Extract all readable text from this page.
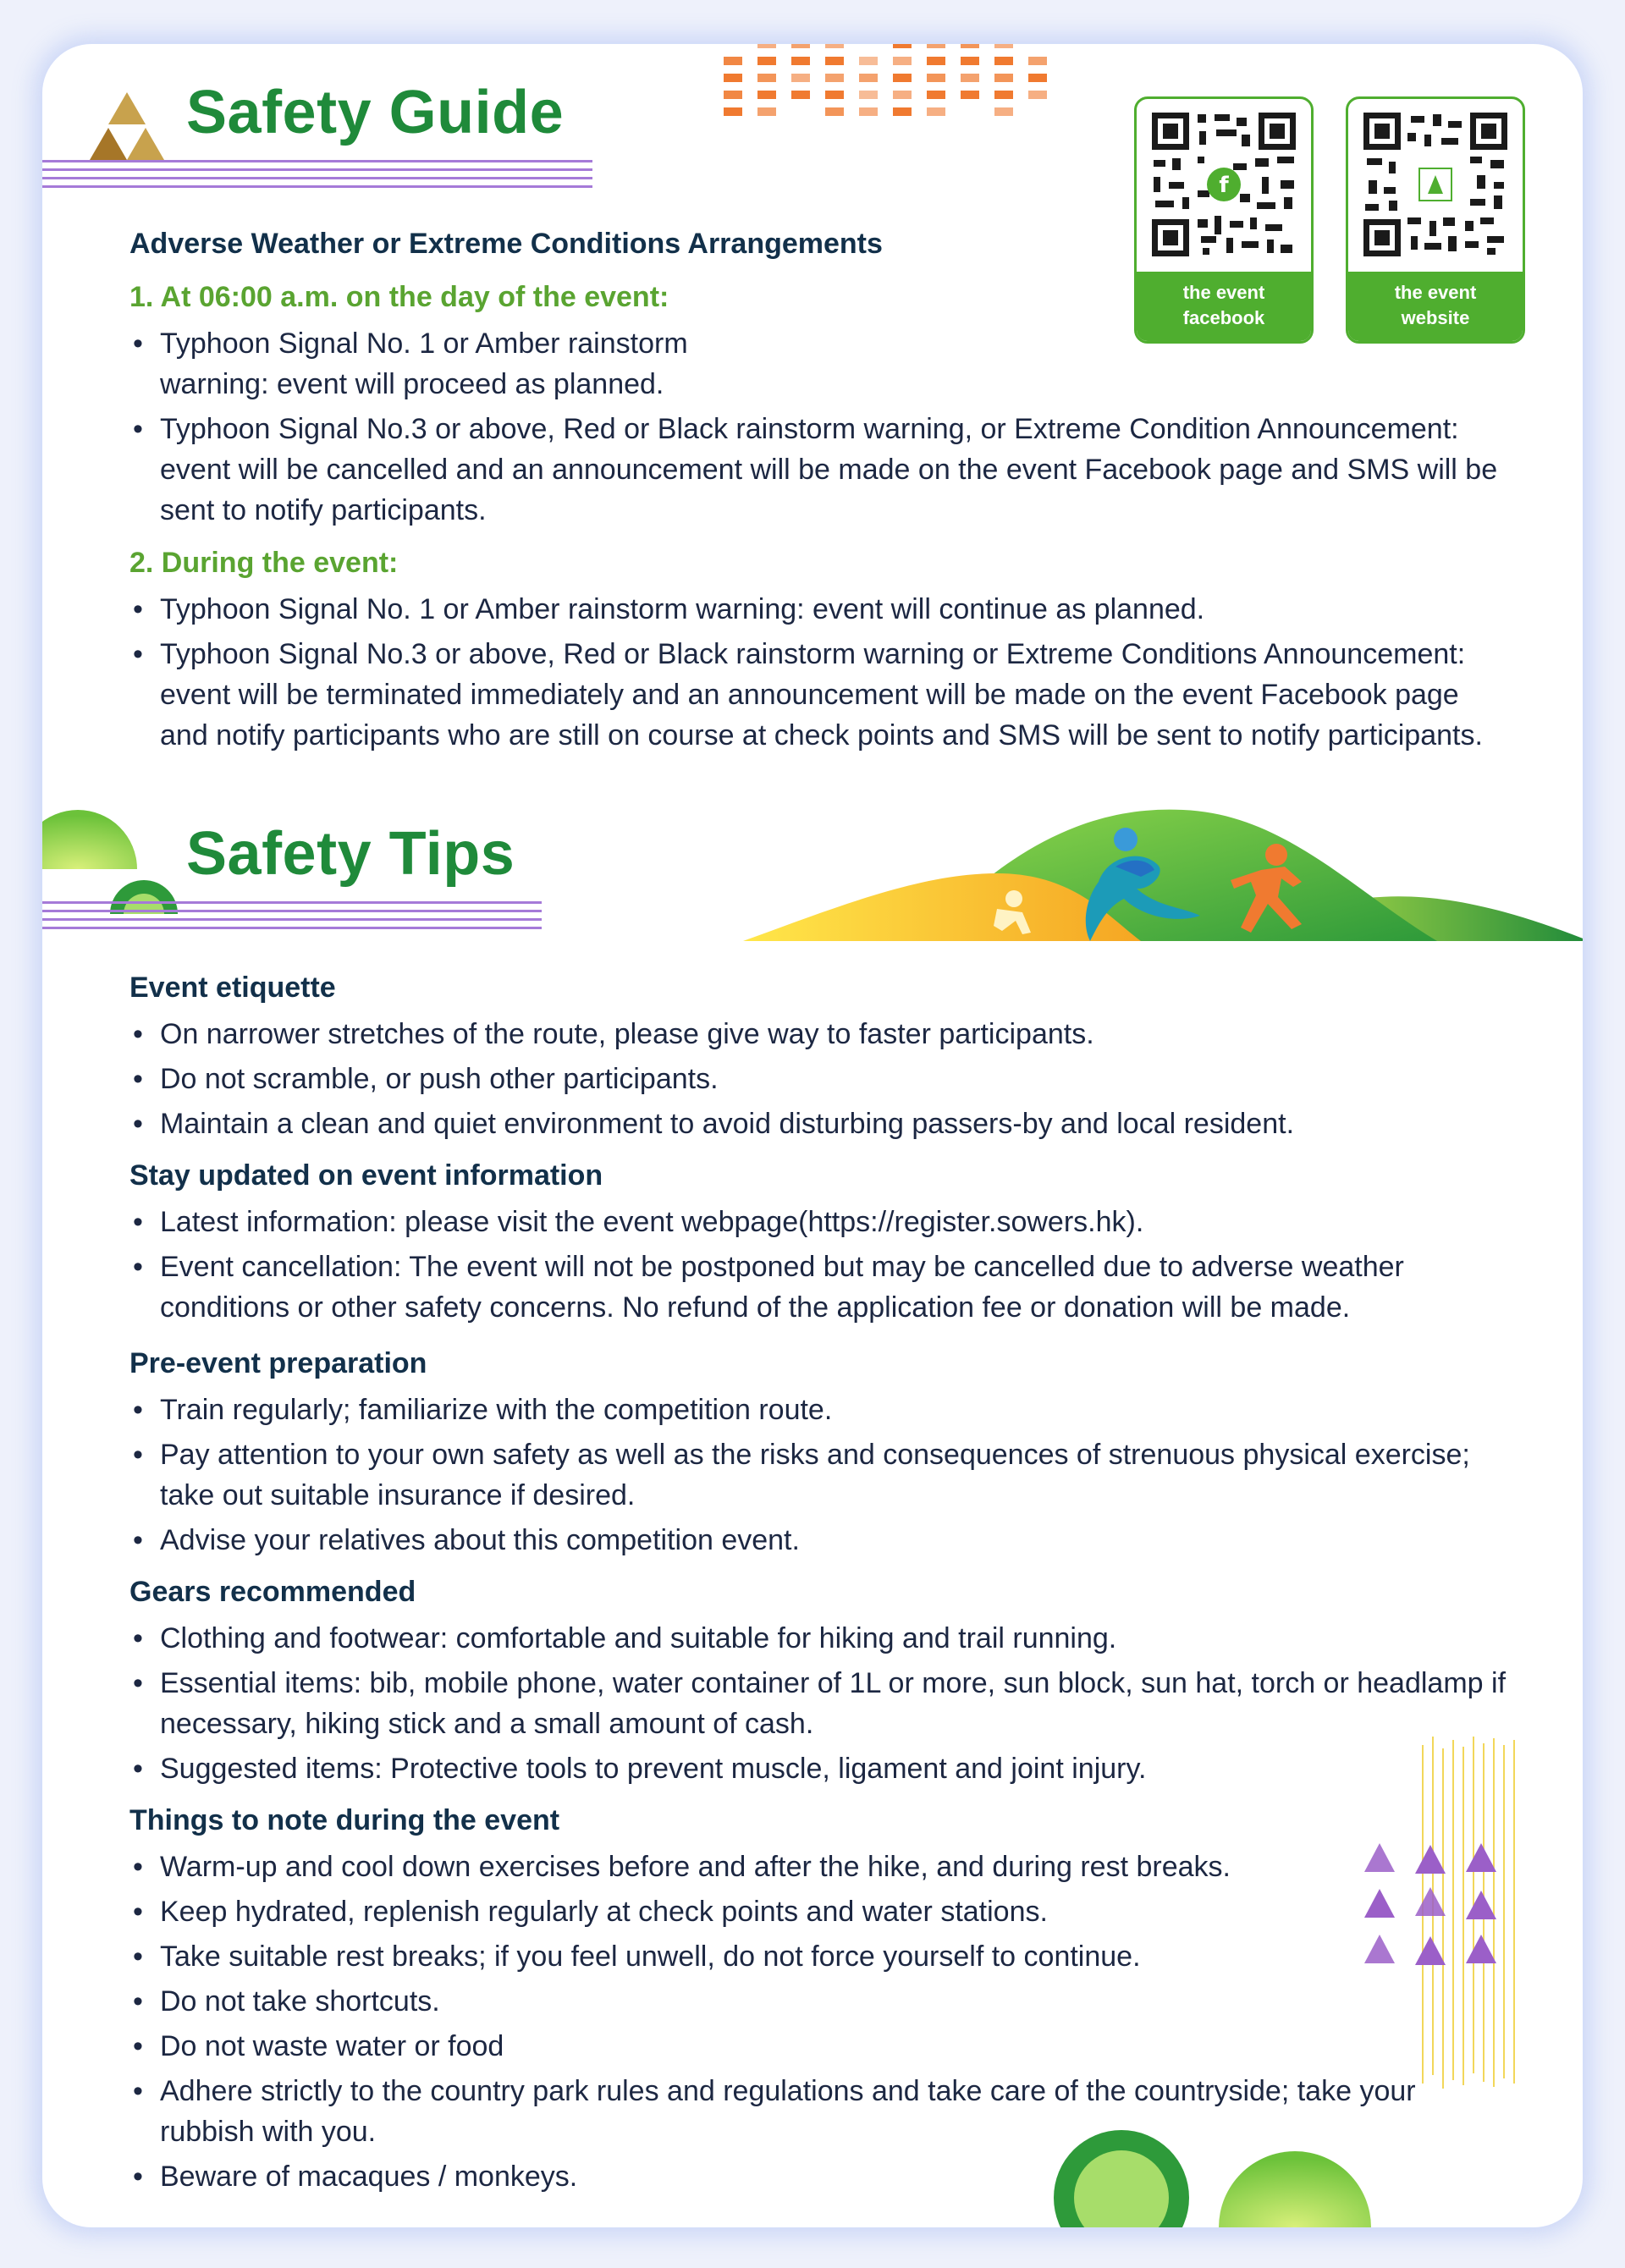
Safety Guide
f
the event
facebook
the event
website
Adverse Weather or Extreme Conditions Arrangements
1. At 06:00 a.m. on the day of the event:
• Typhoon Signal No. 1 or Amber rainstorm warning: event will proceed as planned.
• Typhoon Signal No.3 or above, Red or Black rainstorm warning, or Extreme Condition Announcement: event will be cancelled and an announcement will be made on the event Facebook page and SMS will be sent to notify participants.
2. During the event:
• Typhoon Signal No. 1 or Amber rainstorm warning: event will continue as planned.
• Typhoon Signal No.3 or above, Red or Black rainstorm warning or Extreme Conditions Announcement: event will be terminated immediately and an announcement will be made on the event Facebook page and notify participants who are still on course at check points and SMS will be sent to notify participants.
Safety Tips
Event etiquette
• On narrower stretches of the route, please give way to faster participants.
• Do not scramble, or push other participants.
• Maintain a clean and quiet environment to avoid disturbing passers-by and local resident.
Stay updated on event information
• Latest information: please visit the event webpage(https://register.sowers.hk).
• Event cancellation: The event will not be postponed but may be cancelled due to adverse weather conditions or other safety concerns. No refund of the application fee or donation will be made.
Pre-event preparation
• Train regularly; familiarize with the competition route.
• Pay attention to your own safety as well as the risks and consequences of strenuous physical exercise; take out suitable insurance if desired.
• Advise your relatives about this competition event.
Gears recommended
• Clothing and footwear: comfortable and suitable for hiking and trail running.
• Essential items: bib, mobile phone, water container of 1L or more, sun block, sun hat, torch or headlamp if necessary, hiking stick and a small amount of cash.
• Suggested items: Protective tools to prevent muscle, ligament and joint injury.
Things to note during the event
• Warm-up and cool down exercises before and after the hike, and during rest breaks.
• Keep hydrated, replenish regularly at check points and water stations.
• Take suitable rest breaks; if you feel unwell, do not force yourself to continue.
• Do not take shortcuts.
• Do not waste water or food
• Adhere strictly to the country park rules and regulations and take care of the countryside; take your rubbish with you.
• Beware of macaques / monkeys.
